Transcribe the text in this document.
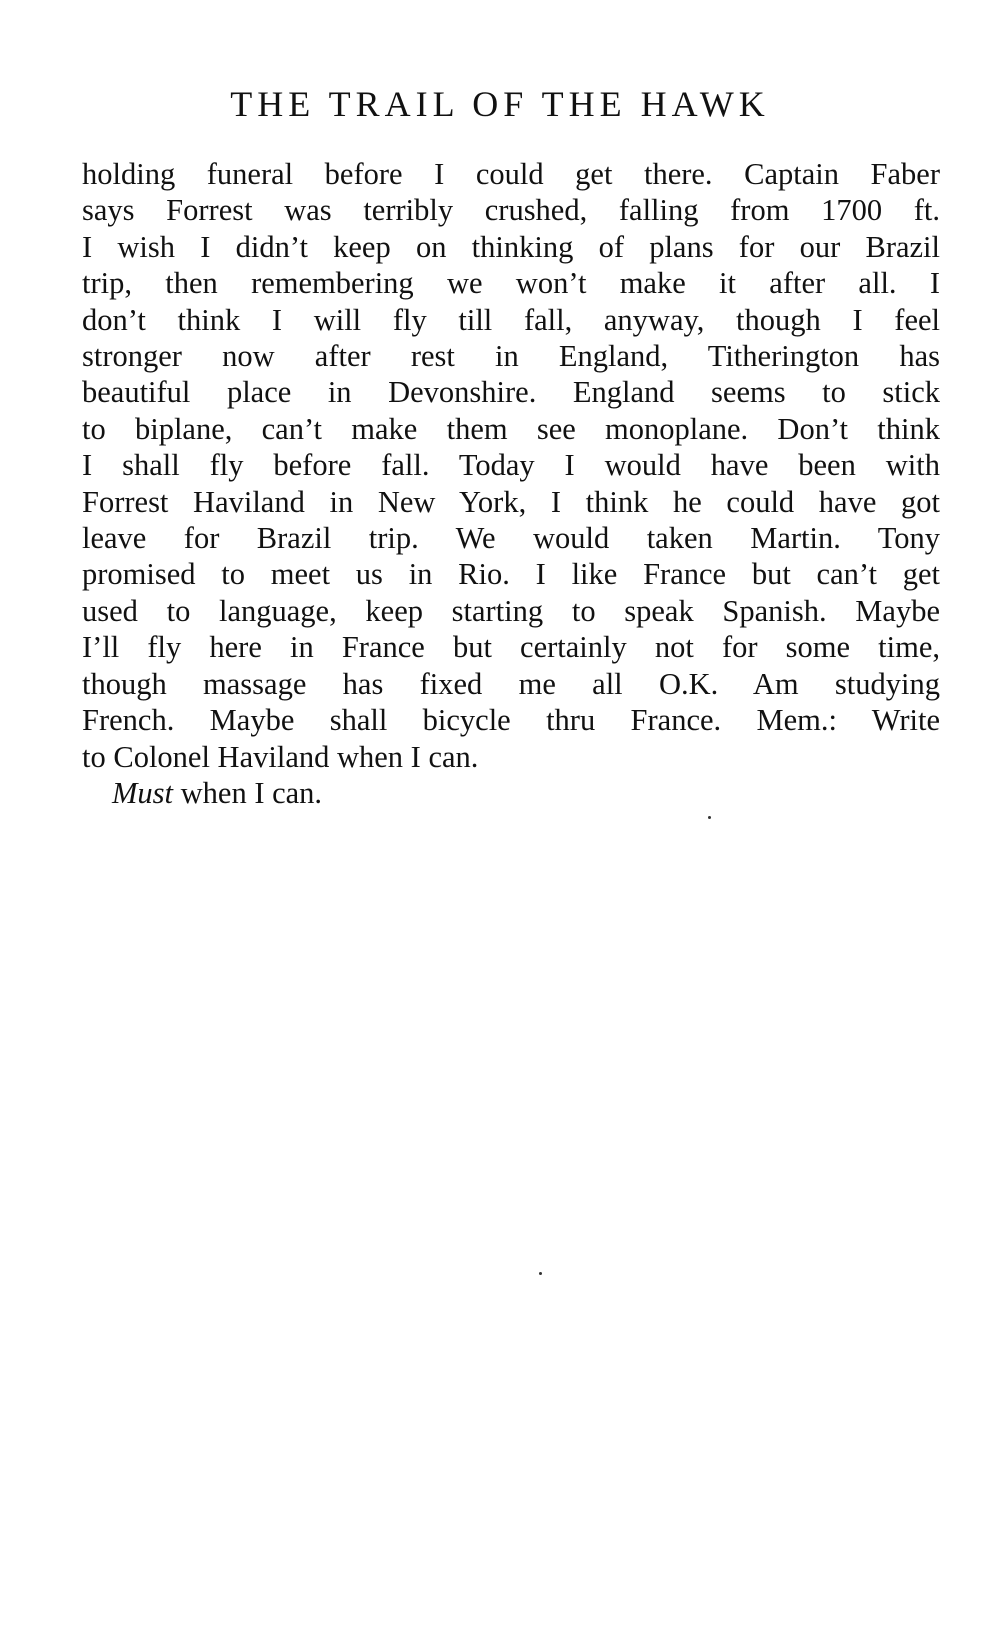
THE TRAIL OF THE HAWK
holding funeral before I could get there. Captain Faber
says Forrest was terribly crushed, falling from 1700 ft.
I wish I didn’t keep on thinking of plans for our Brazil
trip, then remembering we won’t make it after all. I
don’t think I will fly till fall, anyway, though I feel
stronger now after rest in England, Titherington has
beautiful place in Devonshire. England seems to stick
to biplane, can’t make them see monoplane. Don’t think
I shall fly before fall. Today I would have been with
Forrest Haviland in New York, I think he could have got
leave for Brazil trip. We would taken Martin. Tony
promised to meet us in Rio. I like France but can’t get
used to language, keep starting to speak Spanish. Maybe
I’ll fly here in France but certainly not for some time,
though massage has fixed me all O.K. Am studying
French. Maybe shall bicycle thru France. Mem.: Write
to Colonel Haviland when I can.
Must when I can.
